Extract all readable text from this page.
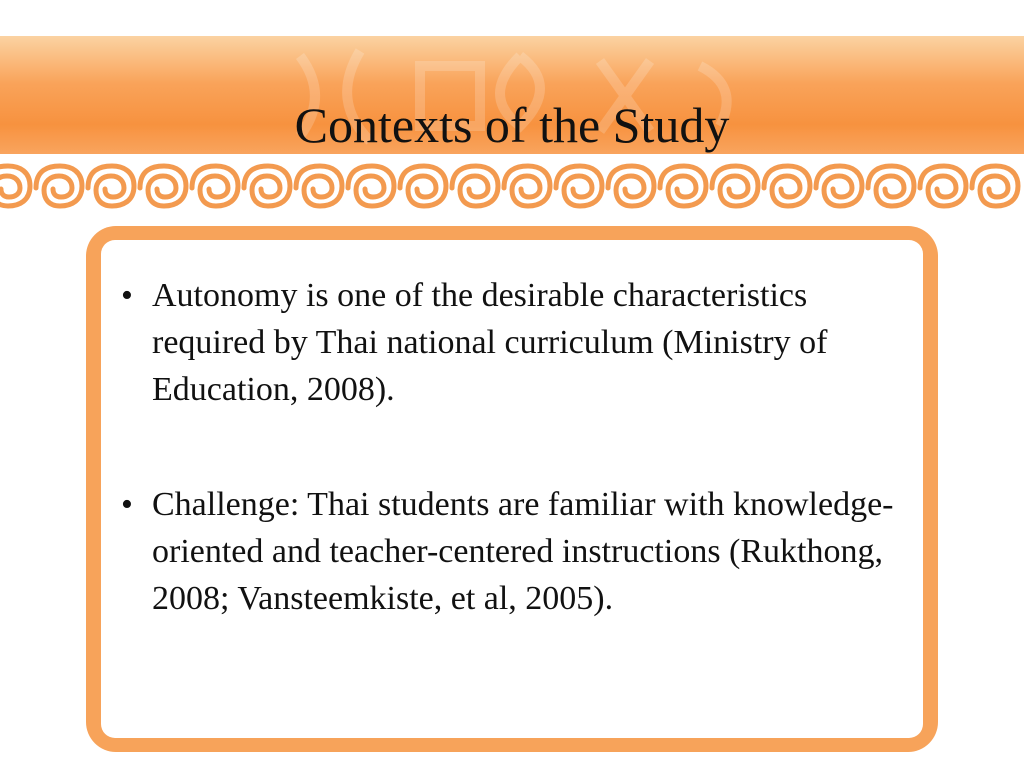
Contexts of the Study
• Autonomy is one of the desirable characteristics required by Thai national curriculum (Ministry of Education, 2008).
• Challenge: Thai students are familiar with knowledge-oriented and teacher-centered instructions (Rukthong, 2008; Vansteemkiste, et al, 2005).
